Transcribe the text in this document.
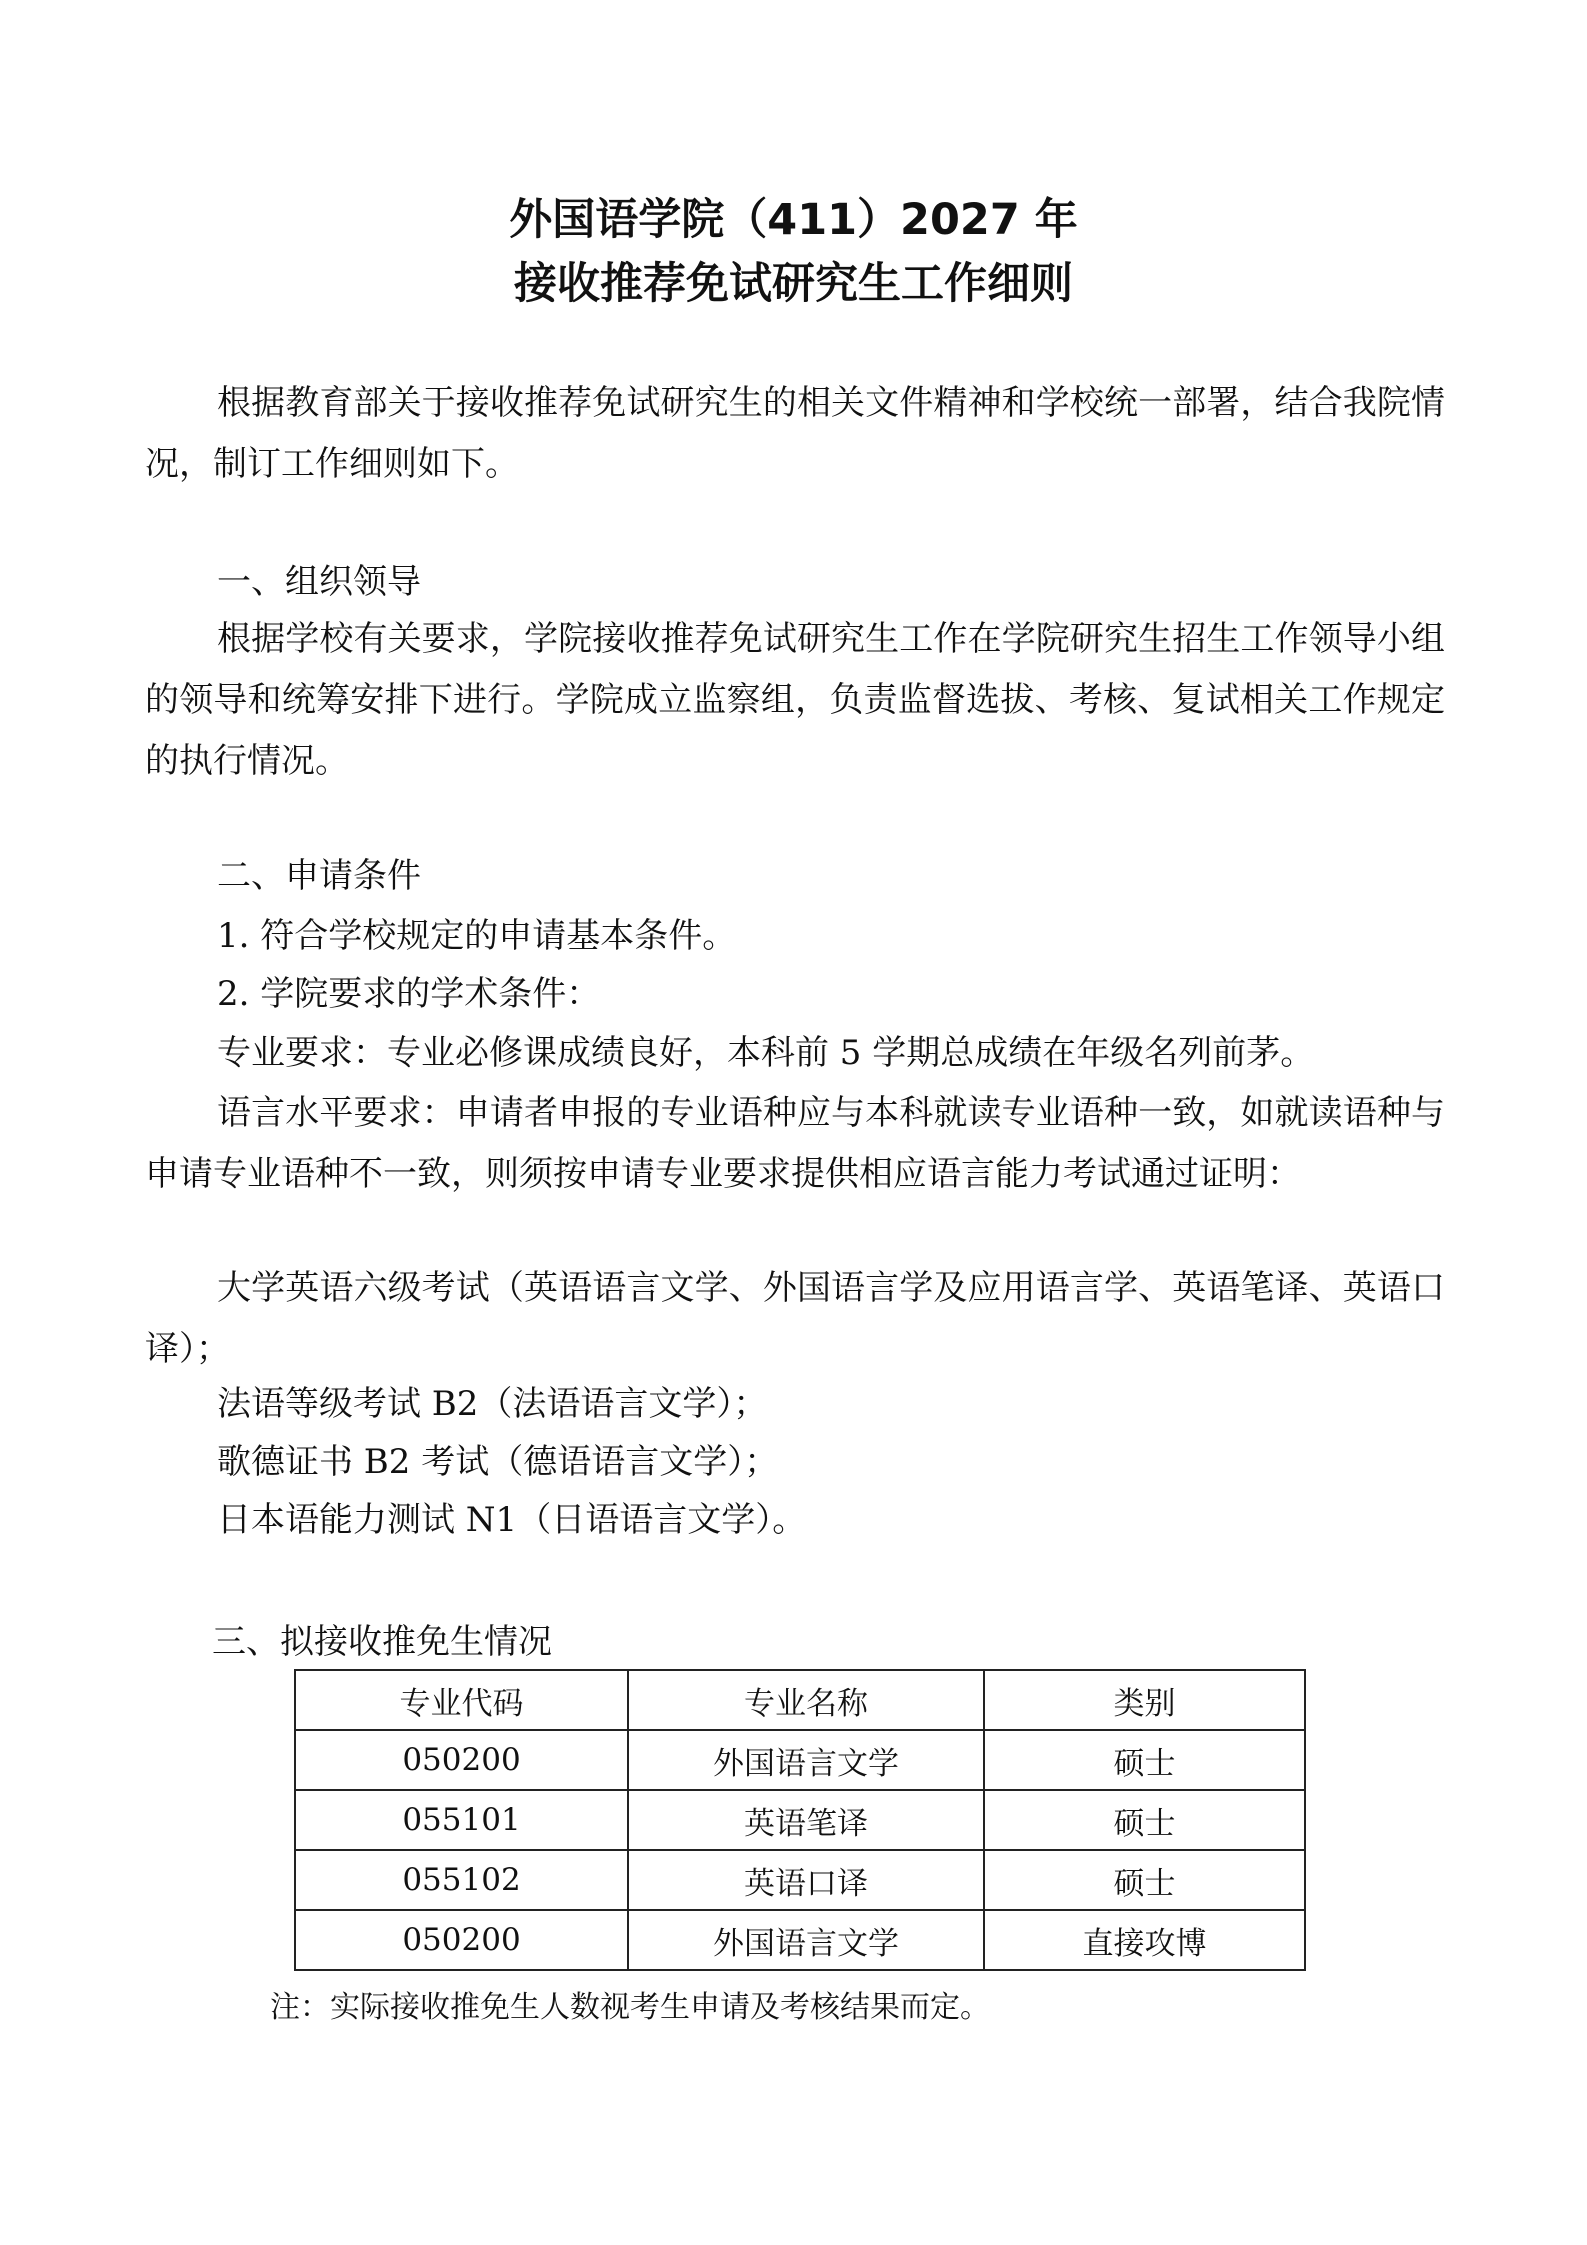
外国语学院（411）2027 年
接收推荐免试研究生工作细则

根据教育部关于接收推荐免试研究生的相关文件精神和学校统一部署，结合我院情况，制订工作细则如下。

一、组织领导

根据学校有关要求，学院接收推荐免试研究生工作在学院研究生招生工作领导小组的领导和统筹安排下进行。学院成立监察组，负责监督选拔、考核、复试相关工作规定的执行情况。

二、申请条件

1. 符合学校规定的申请基本条件。

2. 学院要求的学术条件：

专业要求：专业必修课成绩良好，本科前 5 学期总成绩在年级名列前茅。

语言水平要求：申请者申报的专业语种应与本科就读专业语种一致，如就读语种与申请专业语种不一致，则须按申请专业要求提供相应语言能力考试通过证明：

大学英语六级考试（英语语言文学、外国语言学及应用语言学、英语笔译、英语口译）；

法语等级考试 B2（法语语言文学）；

歌德证书 B2 考试（德语语言文学）；

日本语能力测试 N1（日语语言文学）。

三、拟接收推免生情况
专业代码	专业名称	类别
050200	外国语言文学	硕士
055101	英语笔译	硕士
055102	英语口译	硕士
050200	外国语言文学	直接攻博

注：实际接收推免生人数视考生申请及考核结果而定。
